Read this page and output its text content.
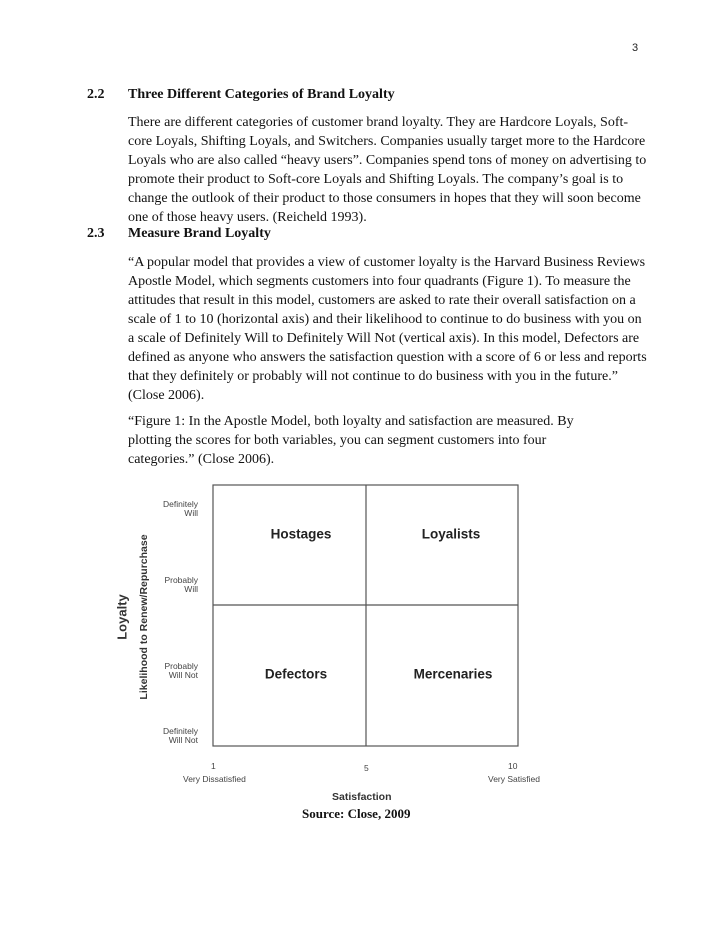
3
2.2 Three Different Categories of Brand Loyalty

There are different categories of customer brand loyalty. They are Hardcore Loyals, Soft-core Loyals, Shifting Loyals, and Switchers. Companies usually target more to the Hardcore Loyals who are also called “heavy users”. Companies spend tons of money on advertising to promote their product to Soft-core Loyals and Shifting Loyals. The company’s goal is to change the outlook of their product to those consumers in hopes that they will soon become one of those heavy users. (Reicheld 1993).

2.3 Measure Brand Loyalty

“A popular model that provides a view of customer loyalty is the Harvard Business Reviews Apostle Model, which segments customers into four quadrants (Figure 1). To measure the attitudes that result in this model, customers are asked to rate their overall satisfaction on a scale of 1 to 10 (horizontal axis) and their likelihood to continue to do business with you on a scale of Definitely Will to Definitely Will Not (vertical axis). In this model, Defectors are defined as anyone who answers the satisfaction question with a score of 6 or less and reports that they definitely or probably will not continue to do business with you in the future.” (Close 2006).

“Figure 1: In the Apostle Model, both loyalty and satisfaction are measured. By plotting the scores for both variables, you can segment customers into four categories.” (Close 2006).

Definitely
Will
Probably
Will
Probably
Will Not
Definitely
Will Not
Loyalty Likelihood to Renew/Repurchase
Hostages	Loyalists
Defectors	Mercenaries
1	5	10
Very Dissatisfied	Very Satisfied
Satisfaction
Source: Close, 2009
